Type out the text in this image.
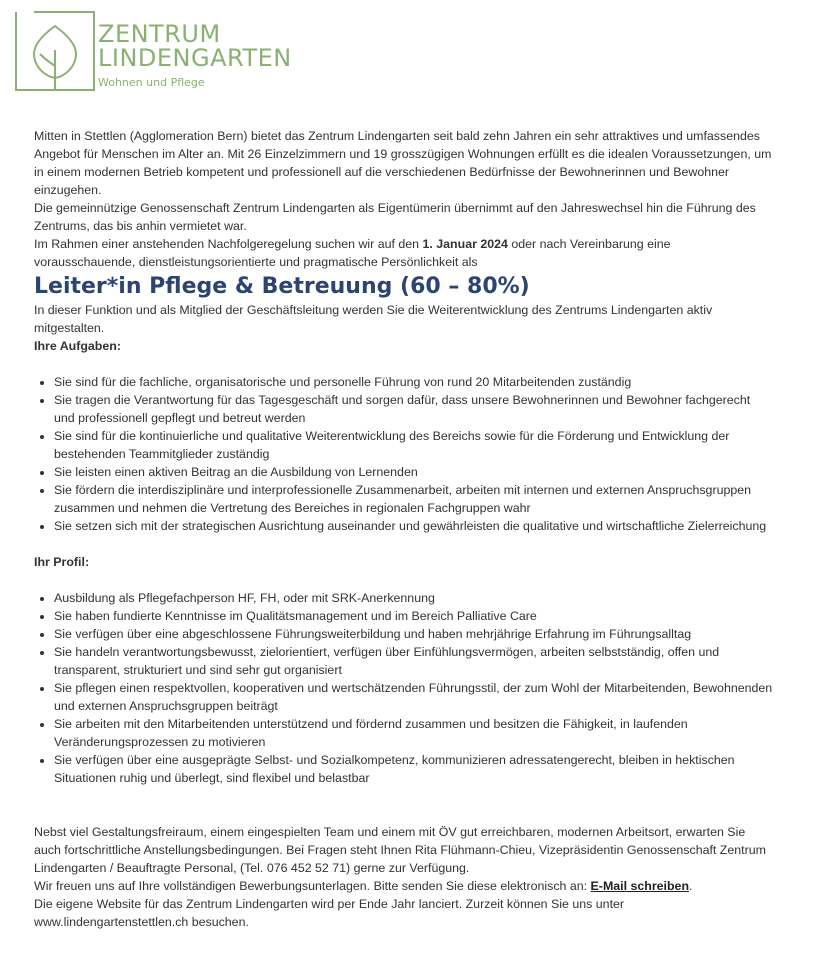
ZENTRUM
LINDENGARTEN
Wohnen und Pflege

Mitten in Stettlen (Agglomeration Bern) bietet das Zentrum Lindengarten seit bald zehn Jahren ein sehr attraktives und umfassendes Angebot für Menschen im Alter an. Mit 26 Einzelzimmern und 19 grosszügigen Wohnungen erfüllt es die idealen Voraussetzungen, um in einem modernen Betrieb kompetent und professionell auf die verschiedenen Bedürfnisse der Bewohnerinnen und Bewohner einzugehen.

Die gemeinnützige Genossenschaft Zentrum Lindengarten als Eigentümerin übernimmt auf den Jahreswechsel hin die Führung des Zentrums, das bis anhin vermietet war.

Im Rahmen einer anstehenden Nachfolgeregelung suchen wir auf den 1. Januar 2024 oder nach Vereinbarung eine vorausschauende, dienstleistungsorientierte und pragmatische Persönlichkeit als

Leiter*in Pflege & Betreuung (60 – 80%)

In dieser Funktion und als Mitglied der Geschäftsleitung werden Sie die Weiterentwicklung des Zentrums Lindengarten aktiv mitgestalten.

Ihre Aufgaben:

• Sie sind für die fachliche, organisatorische und personelle Führung von rund 20 Mitarbeitenden zuständig
• Sie tragen die Verantwortung für das Tagesgeschäft und sorgen dafür, dass unsere Bewohnerinnen und Bewohner fachgerecht und professionell gepflegt und betreut werden
• Sie sind für die kontinuierliche und qualitative Weiterentwicklung des Bereichs sowie für die Förderung und Entwicklung der bestehenden Teammitglieder zuständig
• Sie leisten einen aktiven Beitrag an die Ausbildung von Lernenden
• Sie fördern die interdisziplinäre und interprofessionelle Zusammenarbeit, arbeiten mit internen und externen Anspruchsgruppen zusammen und nehmen die Vertretung des Bereiches in regionalen Fachgruppen wahr
• Sie setzen sich mit der strategischen Ausrichtung auseinander und gewährleisten die qualitative und wirtschaftliche Zielerreichung

Ihr Profil:

• Ausbildung als Pflegefachperson HF, FH, oder mit SRK-Anerkennung
• Sie haben fundierte Kenntnisse im Qualitätsmanagement und im Bereich Palliative Care
• Sie verfügen über eine abgeschlossene Führungsweiterbildung und haben mehrjährige Erfahrung im Führungsalltag
• Sie handeln verantwortungsbewusst, zielorientiert, verfügen über Einfühlungsvermögen, arbeiten selbstständig, offen und transparent, strukturiert und sind sehr gut organisiert
• Sie pflegen einen respektvollen, kooperativen und wertschätzenden Führungsstil, der zum Wohl der Mitarbeitenden, Bewohnenden und externen Anspruchsgruppen beiträgt
• Sie arbeiten mit den Mitarbeitenden unterstützend und fördernd zusammen und besitzen die Fähigkeit, in laufenden Veränderungsprozessen zu motivieren
• Sie verfügen über eine ausgeprägte Selbst- und Sozialkompetenz, kommunizieren adressatengerecht, bleiben in hektischen Situationen ruhig und überlegt, sind flexibel und belastbar

Nebst viel Gestaltungsfreiraum, einem eingespielten Team und einem mit ÖV gut erreichbaren, modernen Arbeitsort, erwarten Sie auch fortschrittliche Anstellungsbedingungen. Bei Fragen steht Ihnen Rita Flühmann-Chieu, Vizepräsidentin Genossenschaft Zentrum Lindengarten / Beauftragte Personal, (Tel. 076 452 52 71) gerne zur Verfügung.

Wir freuen uns auf Ihre vollständigen Bewerbungsunterlagen. Bitte senden Sie diese elektronisch an: E-Mail schreiben.

Die eigene Website für das Zentrum Lindengarten wird per Ende Jahr lanciert. Zurzeit können Sie uns unter www.lindengartenstettlen.ch besuchen.
